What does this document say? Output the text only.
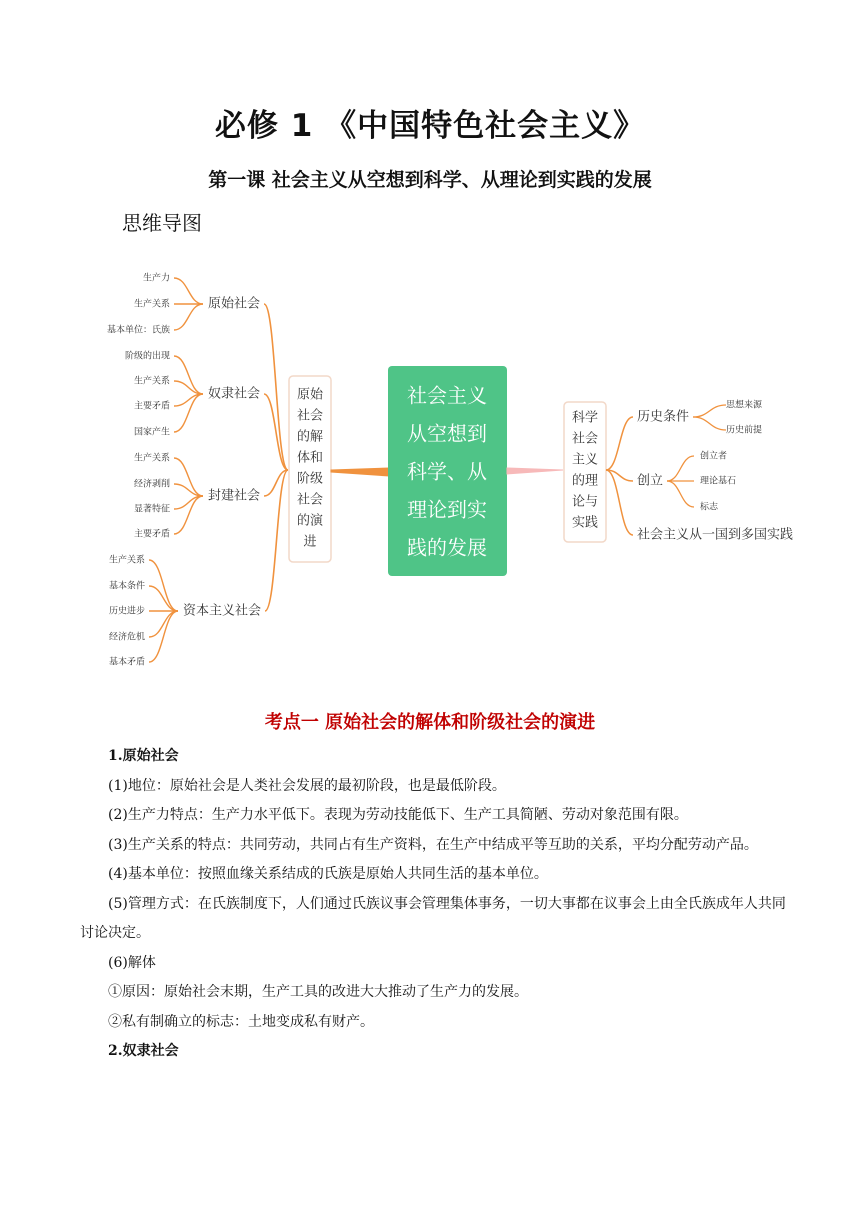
必修 1 《中国特色社会主义》
第一课 社会主义从空想到科学、从理论到实践的发展
思维导图
生产力
生产关系
基本单位：氏族
原始社会
阶级的出现
生产关系
主要矛盾
国家产生
奴隶社会
生产关系
经济剥削
显著特征
主要矛盾
封建社会
生产关系
基本条件
历史进步
经济危机
基本矛盾
资本主义社会
原始
社会
的解
体和
阶级
社会
的演
进
社会主义
从空想到
科学、从
理论到实
践的发展
科学
社会
主义
的理
论与
实践
历史条件
思想来源
历史前提
创立
创立者
理论基石
标志
社会主义从一国到多国实践
考点一 原始社会的解体和阶级社会的演进
1.原始社会
(1)地位：原始社会是人类社会发展的最初阶段，也是最低阶段。
(2)生产力特点：生产力水平低下。表现为劳动技能低下、生产工具简陋、劳动对象范围有限。
(3)生产关系的特点：共同劳动，共同占有生产资料，在生产中结成平等互助的关系，平均分配劳动产品。
(4)基本单位：按照血缘关系结成的氏族是原始人共同生活的基本单位。
(5)管理方式：在氏族制度下，人们通过氏族议事会管理集体事务，一切大事都在议事会上由全氏族成年人共同讨论决定。
(6)解体
①原因：原始社会末期，生产工具的改进大大推动了生产力的发展。
②私有制确立的标志：土地变成私有财产。
2.奴隶社会
